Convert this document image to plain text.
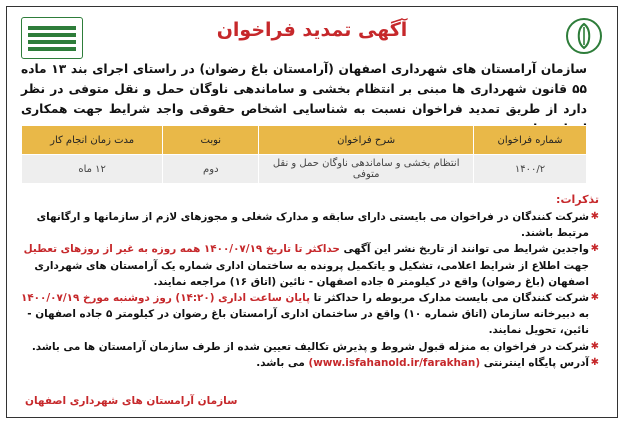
آگهی تمدید فراخوان

سازمان آرامستان های شهرداری اصفهان (آرامستان باغ رضوان) در راستای اجرای بند ۱۳ ماده ۵۵ قانون شهرداری ها مبنی بر انتظام بخشی و ساماندهی ناوگان حمل و نقل متوفی در نظر دارد از طریق تمدید فراخوان نسبت به شناسایی اشخاص حقوقی واجد شرایط جهت همکاری

شماره فراخوان	شرح فراخوان	نوبت	مدت زمان انجام کار
۱۴۰۰/۲	انتظام بخشی و ساماندهی ناوگان حمل و نقل متوفی	دوم	۱۲ ماه
تذکرات:

✱
شرکت کنندگان در فراخوان می بایستی دارای سابقه و مدارک شغلی و مجوزهای لازم از سازمانها و ارگانهای مرتبط باشند.

✱
واجدین شرایط می توانند از تاریخ نشر این آگهی حداکثر تا تاریخ ۱۴۰۰/۰۷/۱۹ همه روزه به غیر از روزهای تعطیل جهت اطلاع از شرایط اعلامی، تشکیل و یاتکمیل پرونده به ساختمان اداری شماره یک آرامستان های شهرداری اصفهان (باغ رضوان) واقع در کیلومتر ۵ جاده اصفهان - نائین (اتاق ۱۶) مراجعه نمایند.

✱
شرکت کنندگان می بایست مدارک مربوطه را حداکثر تا پایان ساعت اداری (۱۴:۲۰) روز دوشنبه مورخ ۱۴۰۰/۰۷/۱۹ به دبیرخانه سازمان (اتاق شماره ۱۰) واقع در ساختمان اداری آرامستان باغ رضوان در کیلومتر ۵ جاده اصفهان - نائین، تحویل نمایند.

✱
شرکت در فراخوان به منزله قبول شروط و پذیرش تکالیف تعیین شده از طرف سازمان آرامستان ها می باشد.

✱
آدرس پایگاه اینترنتی (www.isfahanold.ir/farakhan) می باشد.

سازمان آرامستان های شهرداری اصفهان
